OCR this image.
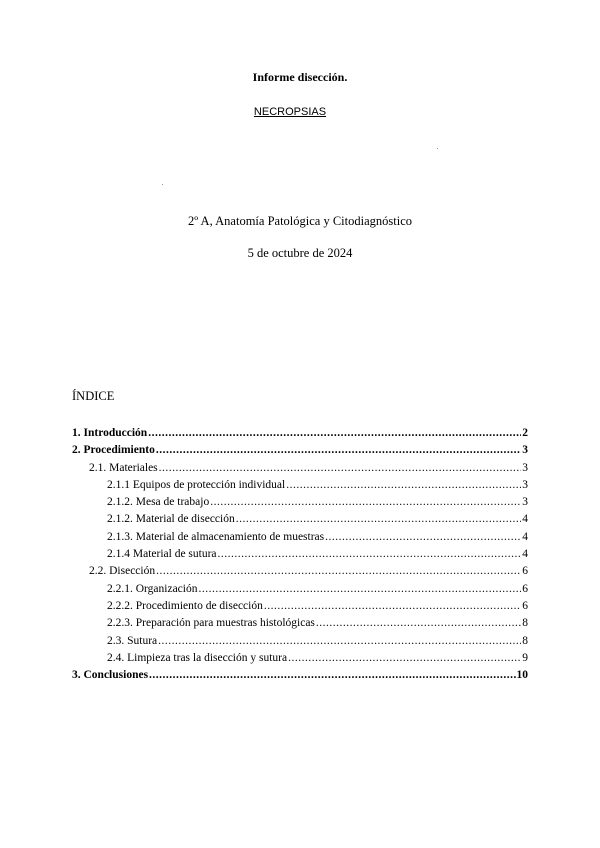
Informe disección.
NECROPSIAS
2º A, Anatomía Patológica y Citodiagnóstico
5 de octubre de 2024
ÍNDICE
1. Introducción .....	2
2. Procedimiento .....	3
2.1. Materiales .....	3
2.1.1 Equipos de protección individual .....	3
2.1.2. Mesa de trabajo .....	3
2.1.2. Material de disección .....	4
2.1.3. Material de almacenamiento de muestras .....	4
2.1.4 Material de sutura .....	4
2.2. Disección .....	6
2.2.1. Organización .....	6
2.2.2. Procedimiento de disección .....	6
2.2.3. Preparación para muestras histológicas .....	8
2.3. Sutura .....	8
2.4. Limpieza tras la disección y sutura .....	9
3. Conclusiones .....	10
